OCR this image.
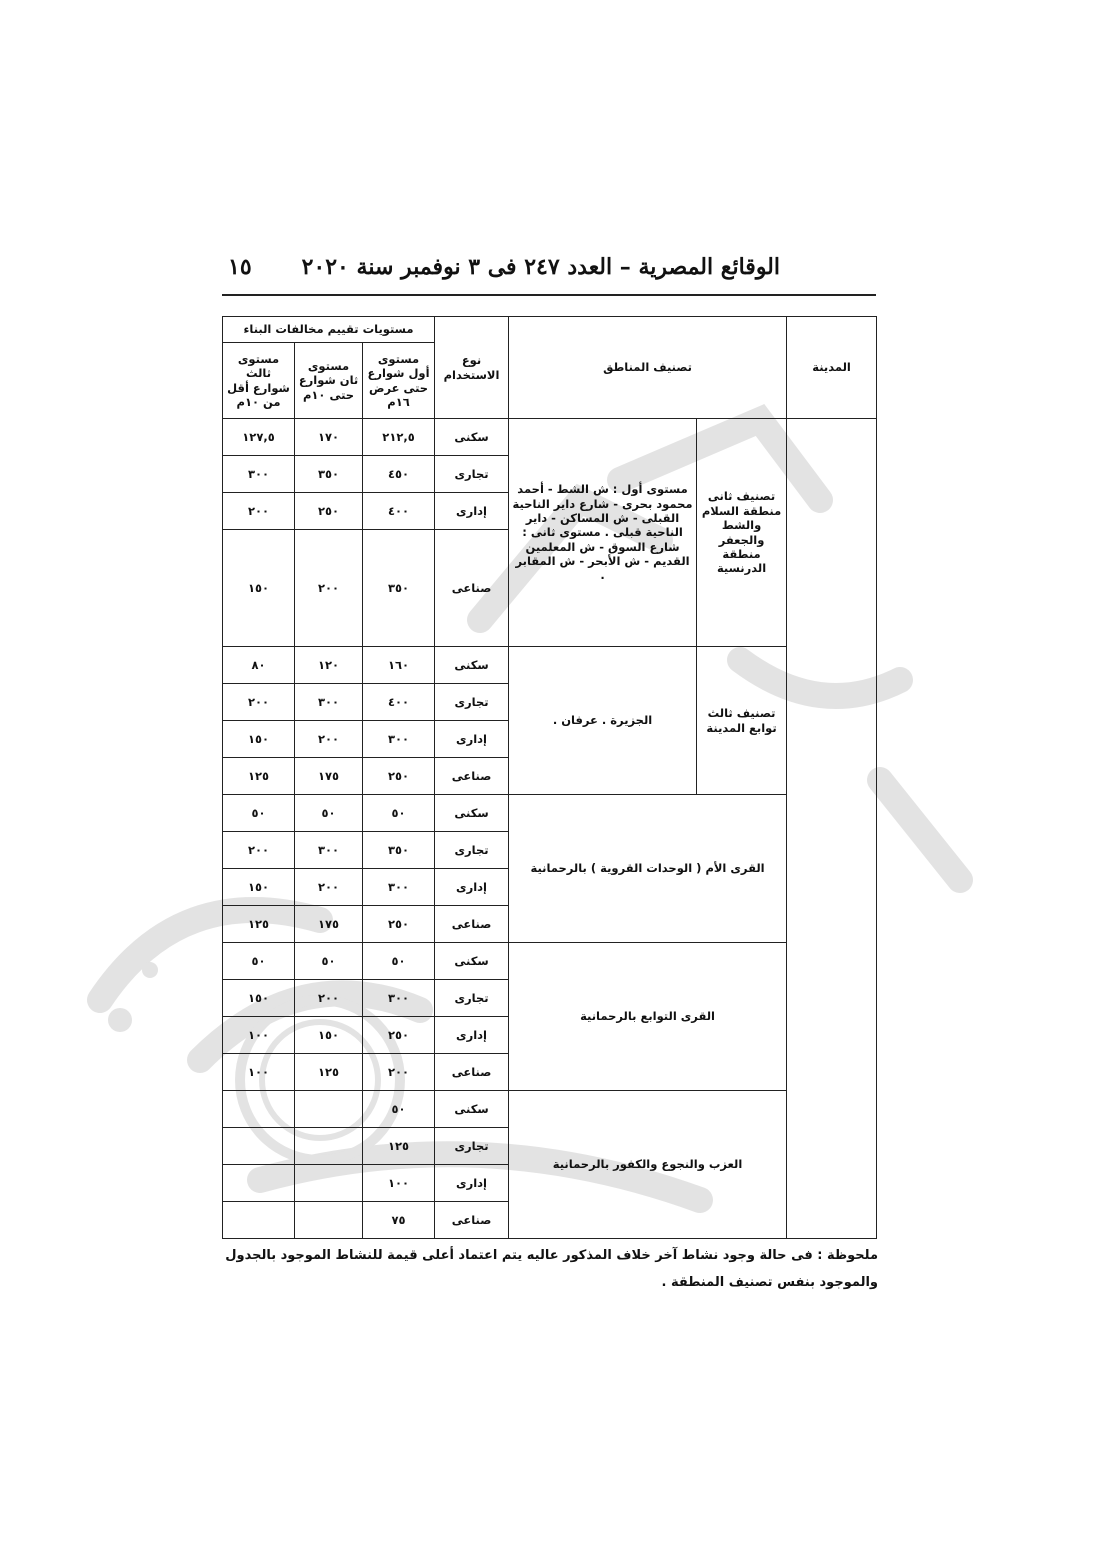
الوقائع المصرية – العدد ٢٤٧ فى ٣ نوفمبر سنة ٢٠٢٠
١٥
المدينة	تصنيف المناطق		نوع الاستخدام	مستويات تقييم مخالفات البناء		
				مستوى أول شوارع حتى عرض ١٦م	مستوى ثان شوارع حتى ١٠م	مستوى ثالث شوارع أقل من ١٠م
	تصنيف ثانى منطقة السلام والشط والجعفر منطقة الدرنسية	مستوى أول : ش الشط - أحمد محمود بحرى - شارع داير الناحية القبلى - ش المساكن - داير الناحية قبلى . مستوى ثانى : شارع السوق - ش المعلمين القديم - ش الأبحر - ش المقابر .	سكنى	٢١٢,٥	١٧٠	١٢٧,٥
			تجارى	٤٥٠	٣٥٠	٣٠٠
			إدارى	٤٠٠	٢٥٠	٢٠٠
			صناعى	٣٥٠	٢٠٠	١٥٠
	تصنيف ثالث توابع المدينة	الجزيرة . عرفان .	سكنى	١٦٠	١٢٠	٨٠
			تجارى	٤٠٠	٣٠٠	٢٠٠
			إدارى	٣٠٠	٢٠٠	١٥٠
			صناعى	٢٥٠	١٧٥	١٢٥
	القرى الأم ( الوحدات القروية ) بالرحمانية		سكنى	٥٠	٥٠	٥٠
			تجارى	٣٥٠	٣٠٠	٢٠٠
			إدارى	٣٠٠	٢٠٠	١٥٠
			صناعى	٢٥٠	١٧٥	١٢٥
	القرى التوابع بالرحمانية		سكنى	٥٠	٥٠	٥٠
			تجارى	٣٠٠	٢٠٠	١٥٠
			إدارى	٢٥٠	١٥٠	١٠٠
			صناعى	٢٠٠	١٢٥	١٠٠
	العزب والنجوع والكفور بالرحمانية		سكنى	٥٠		
			تجارى	١٢٥		
			إدارى	١٠٠		
			صناعى	٧٥		
ملحوظة : فى حالة وجود نشاط آخر خلاف المذكور عاليه يتم اعتماد أعلى قيمة للنشاط الموجود بالجدول والموجود بنفس تصنيف المنطقة .
